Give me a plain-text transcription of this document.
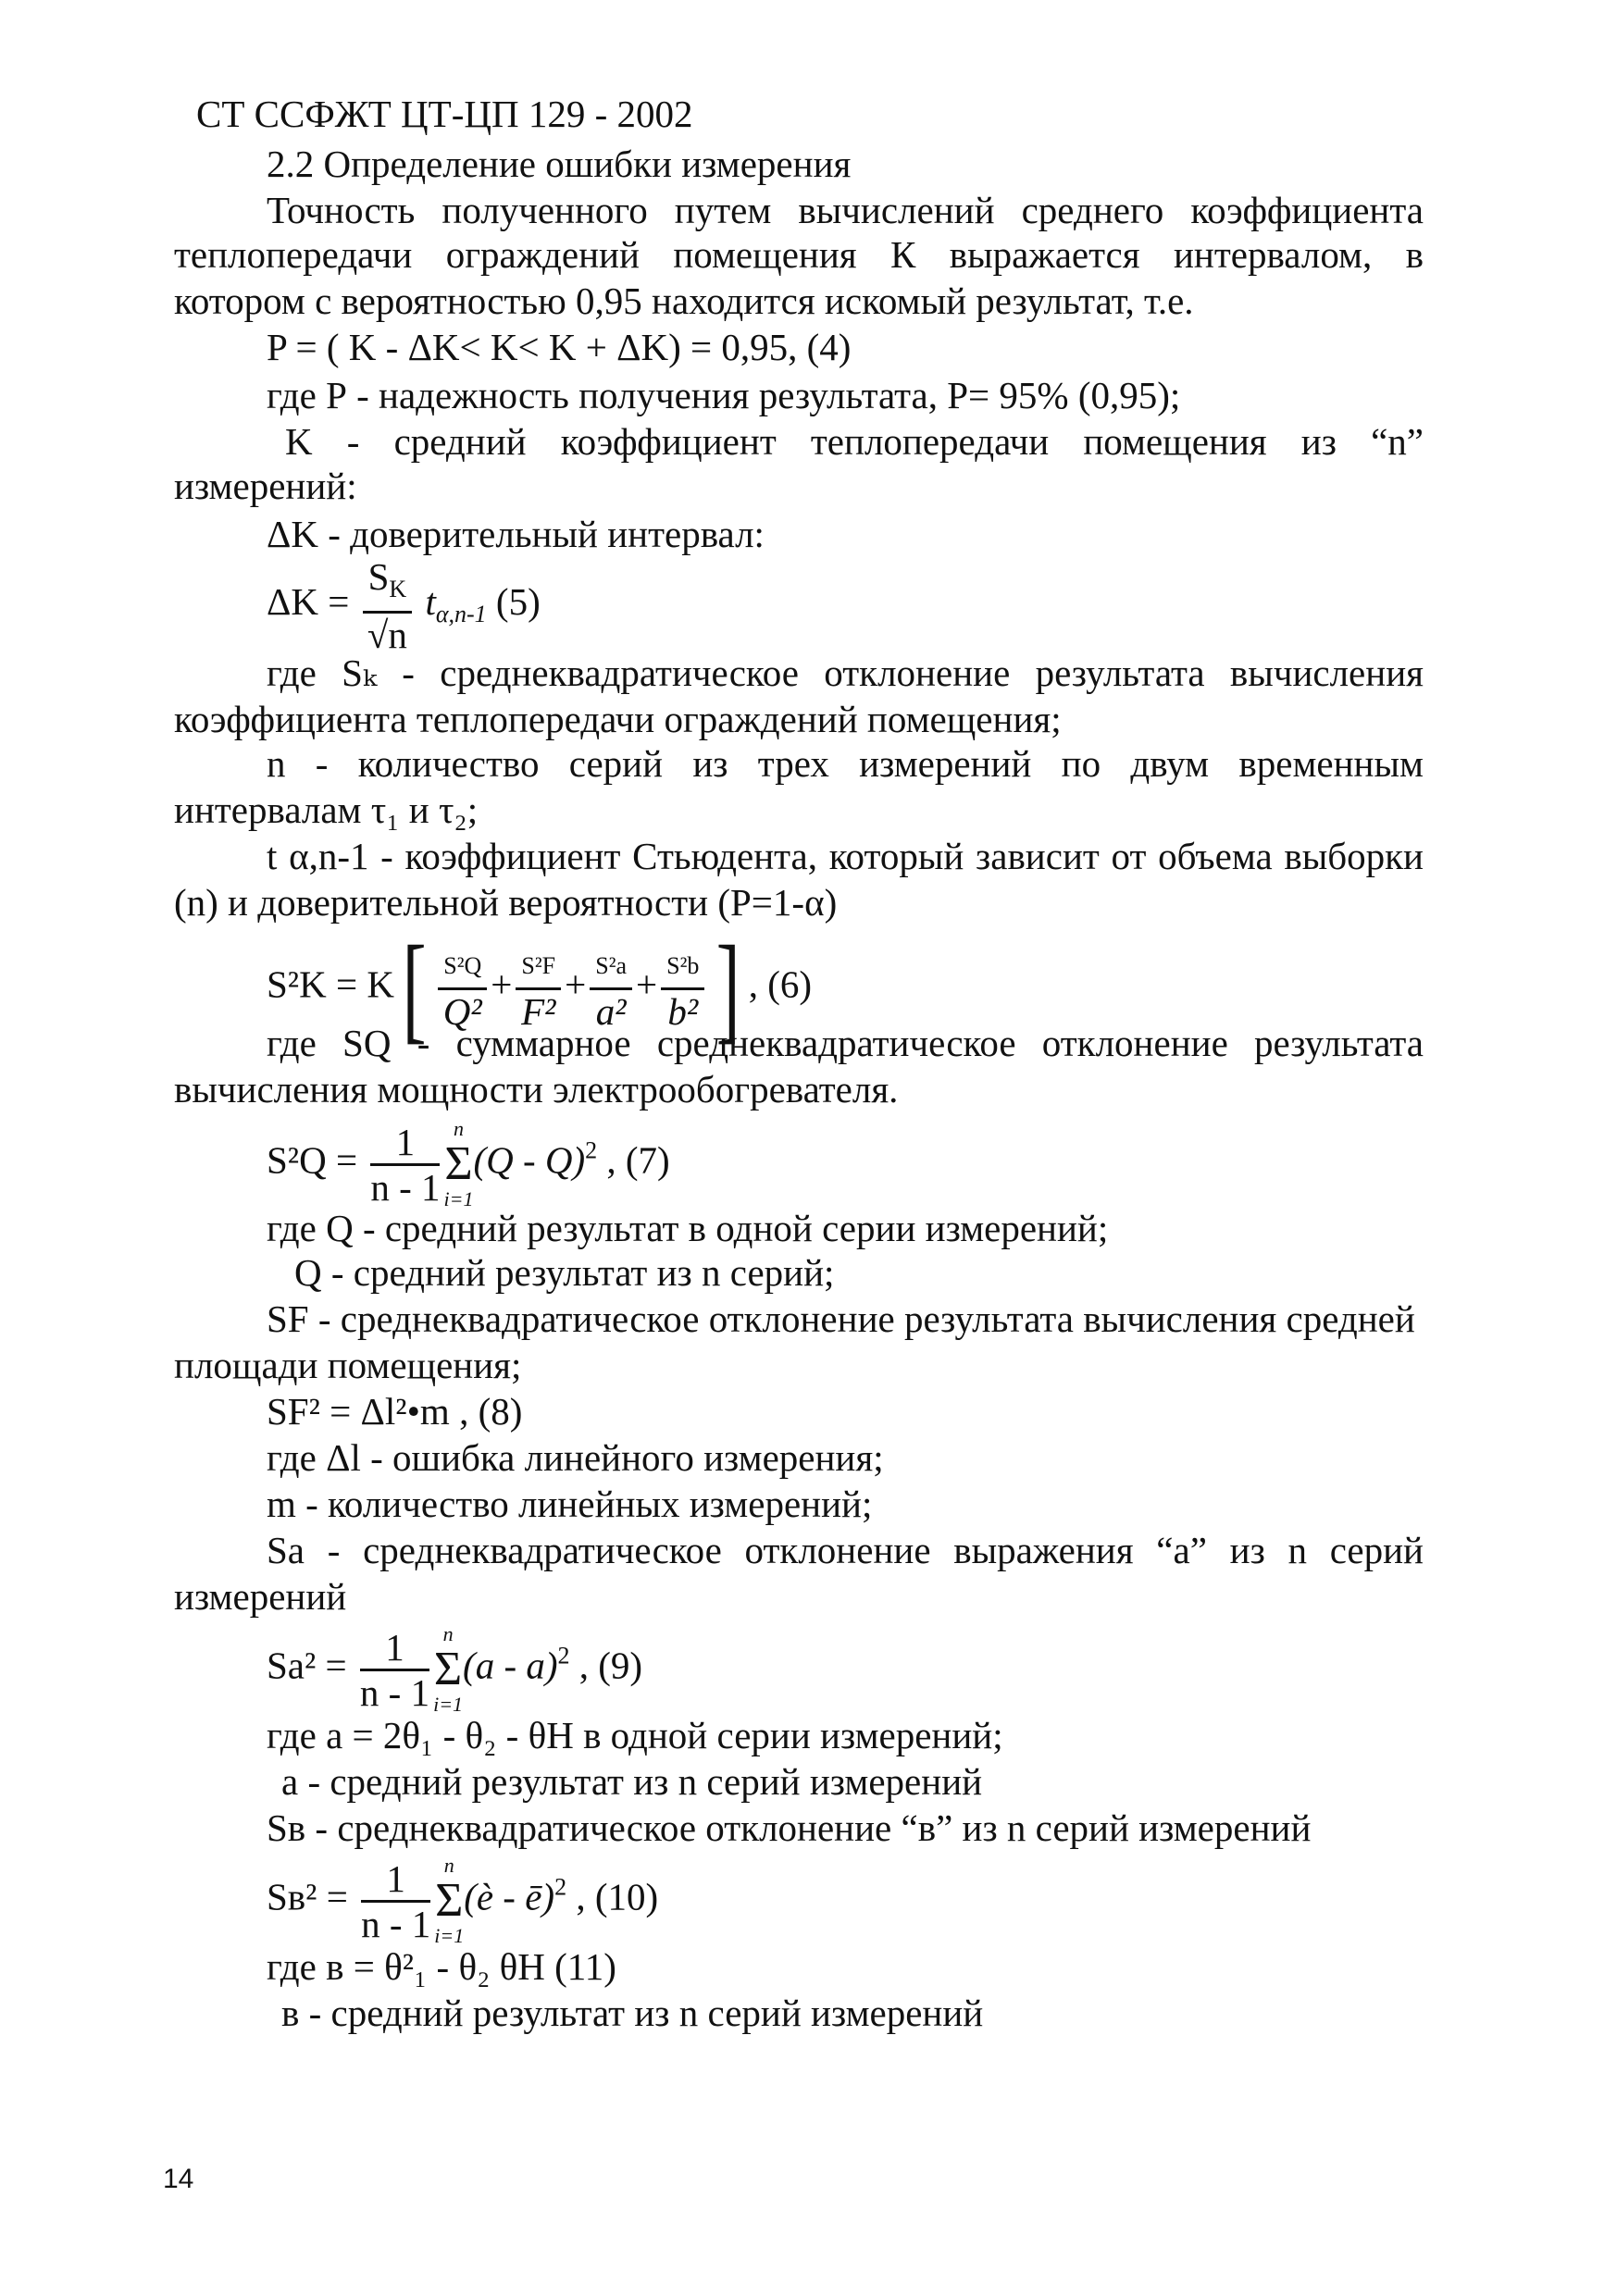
СТ ССФЖТ ЦТ-ЦП 129 - 2002
2.2 Определение ошибки измерения
Точность полученного путем вычислений среднего коэффициента
теплопередачи ограждений помещения К выражается интервалом, в
котором с вероятностью 0,95 находится искомый результат, т.е.
P = ( K - ΔK< K< K + ΔK) = 0,95, (4)
где Р - надежность получения результата, Р= 95% (0,95);
K - средний коэффициент теплопередачи помещения из “n”
измерений:
ΔK - доверительный интервал:
$\Delta K = \frac{S_K}{√n} t_{\alpha,n-1}$ (5)
где Sₖ - среднеквадратическое отклонение результата вычисления
коэффициента теплопередачи ограждений помещения;
n - количество серий из трех измерений по двум временным
интервалам τ₁ и τ₂;
t α,n-1 - коэффициент Стьюдента, который зависит от объема выборки
(n) и доверительной вероятности (Р=1-α)
$S^2K = K[ \frac{\text{S²Q}}{\text{Q²}} + \frac{\text{S²F}}{\text{F²}} + \frac{\text{S²a}}{\text{a²}} + \frac{\text{S²b}}{\text{b²}}$ ] , (6)
где SQ - суммарное среднеквадратическое отклонение результата
вычисления мощности электрообогревателя.
$S^2Q = \frac{1}{n - 1}$ n
Σ
i=1
(Q - Q)$^2$ , (7)
где Q - средний результат в одной серии измерений;
Q - средний результат из n серий;
SF - среднеквадратическое отклонение результата вычисления средней
площади помещения;
SF² = Δl²•m , (8)
где Δl - ошибка линейного измерения;
m - количество линейных измерений;
Sa - среднеквадратическое отклонение выражения “a” из n серий
измерений
$Sa^2 = \frac{1}{n - 1}$ n
Σ
i=1
(a - a)$^2$ , (9)
где a = 2θ₁ - θ₂ - θH в одной серии измерений;
a - средний результат из n серий измерений
Sв - среднеквадратическое отклонение “в” из n серий измерений
$Sв^2 = \frac{1}{n - 1}$ n
Σ
i=1
(è - ē)$^2$ , (10)
где в = θ²₁ - θ₂ θH (11)
в - средний результат из n серий измерений
14
